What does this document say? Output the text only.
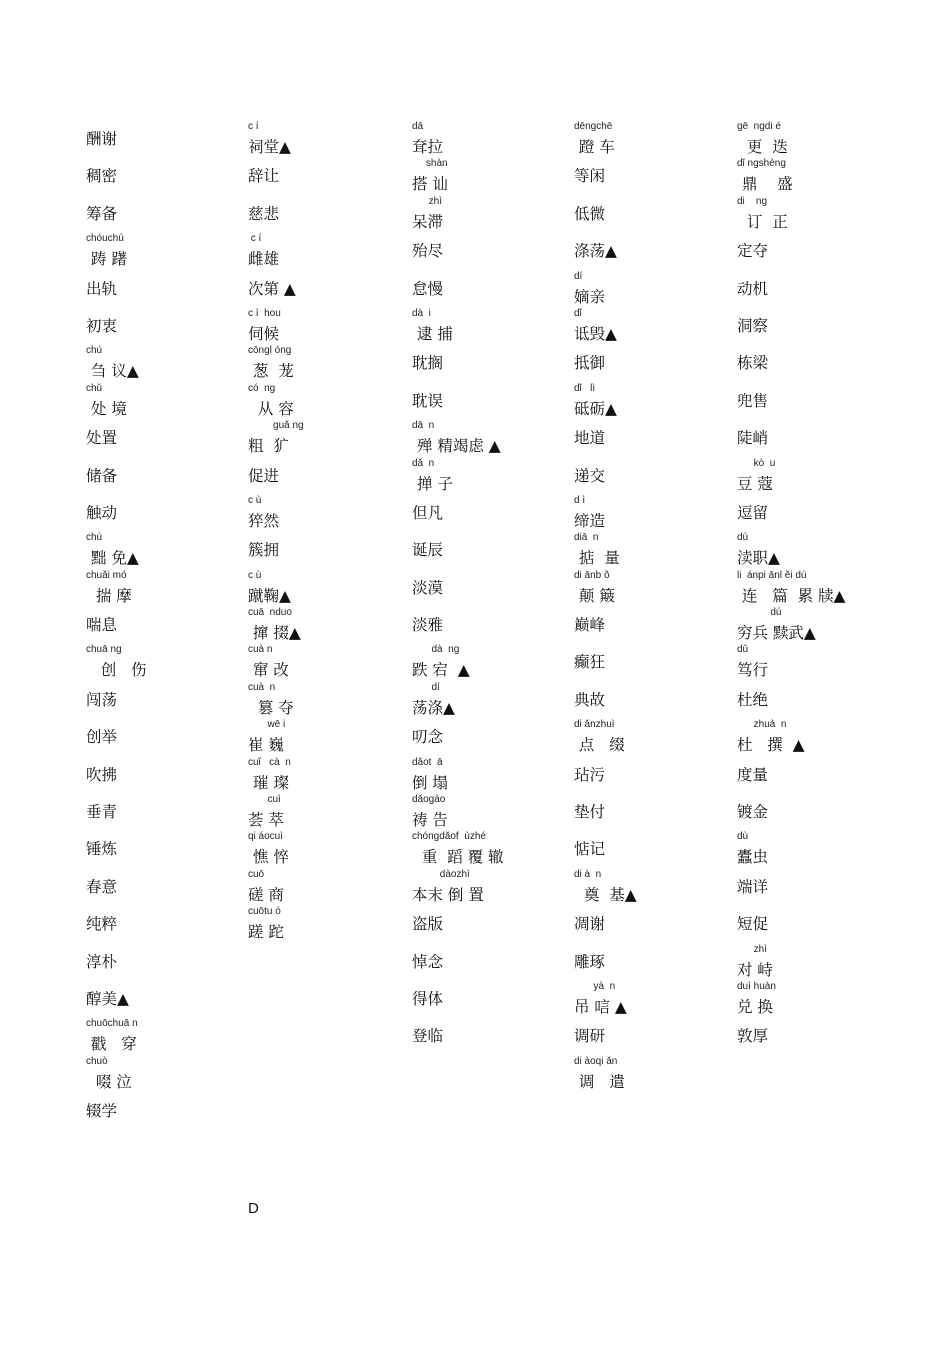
酬谢
稠密
筹备
chóuchú
踌 躇
出轨
初衷
chú
刍 议▲
chǔ
处 境
处置
储备
触动
chù
黜 免▲
chuǎi mó
揣 摩
喘息
chuā ng
创   伤
闯荡
创举
吹拂
垂青
锤炼
春意
纯粹
淳朴
醇美▲
chuōchuā n
戳   穿
chuò
啜 泣
辍学
c í
祠堂▲
辞让
慈悲
c í
雌雄
次第 ▲
c ì  hou
伺候
cōngl óng
葱  茏
có  ng
从 容
guǎ ng
粗  犷
促进
c ù
猝然
簇拥
c ù
蹴鞠▲
cuā  nduo
撺 掇▲
cuà n
窜 改
cuà  n
篡 夺
wē i
崔 巍
cuǐ   cà  n
璀 璨
cuì
荟 萃
qi áocuì
憔 悴
cuō
磋 商
cuōtu ó
蹉 跎
dā
耷拉
shàn
搭 讪
zhì
呆滞
殆尽
怠慢
dà  i
逮 捕
耽搁
耽误
dā  n
殚 精竭虑 ▲
dǎ  n
掸 子
但凡
诞辰
淡漠
淡雅
dà  ng
跌 宕  ▲
dí
荡涤▲
叨念
dǎot  ā
倒 塌
dǎogào
祷 告
chóngdǎof  ùzhé
重  蹈 覆 辙
dàozhì
本末 倒 置
盗版
悼念
得体
登临
dēngchē
蹬 车
等闲
低微
涤荡▲
dí
嫡亲
dǐ
诋毁▲
抵御
dǐ   lì
砥砺▲
地道
递交
d ì
缔造
diā  n
掂  量
di ānb ǒ
颠 簸
巅峰
癫狂
典故
di ǎnzhuì
点   缀
玷污
垫付
惦记
di à  n
奠  基▲
凋谢
雕琢
yà  n
吊 唁 ▲
调研
di àoqi ǎn
调   遣
gē  ngdi é
更  迭
dǐ ngshèng
鼎    盛
di    ng
订  正
定夺
动机
洞察
栋梁
兜售
陡峭
kò  u
豆 蔻
逗留
dú
渎职▲
li  ánpi ānl ěi dú
连   篇  累 牍▲
dú
穷兵 黩武▲
dǔ
笃行
杜绝
zhuà  n
杜   撰  ▲
度量
镀金
dù
蠹虫
端详
短促
zhì
对 峙
duì huàn
兑 换
敦厚
D
